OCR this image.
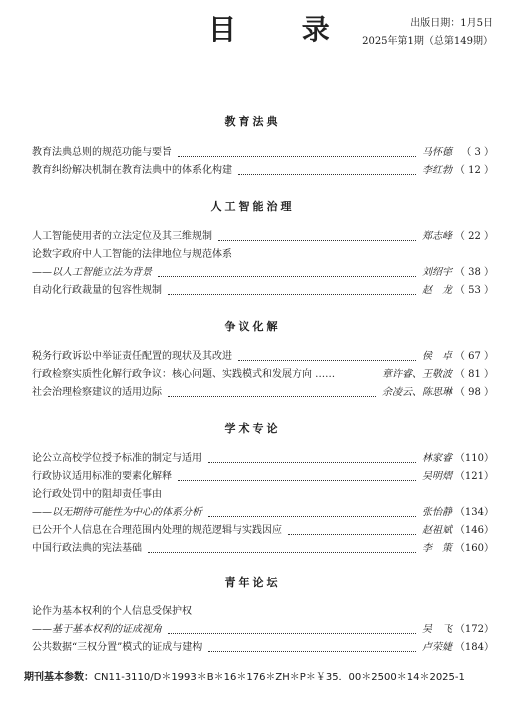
目 录	出版日期：1月5日
2025年第1期（总第149期）
教育法典
教育法典总则的规范功能与要旨	马怀德 （ 3 ）
教育纠纷解决机制在教育法典中的体系化构建	李红勃 （ 12 ）
人工智能治理
人工智能使用者的立法定位及其三维规制	郑志峰 （ 22 ）
论数字政府中人工智能的法律地位与规范体系
——以人工智能立法为背景	刘绍宇 （ 38 ）
自动化行政裁量的包容性规制	赵　龙 （ 53 ）
争议化解
税务行政诉讼中举证责任配置的现状及其改进	侯　卓 （ 67 ）
行政检察实质性化解行政争议：核心问题、实践模式和发展方向 ……	章许睿、王敬波 （ 81 ）
社会治理检察建议的适用边际	余凌云、陈思琳 （ 98 ）
学术专论
论公立高校学位授予标准的制定与适用	林家睿 （110）
行政协议适用标准的要素化解释	吴明熠 （121）
论行政处罚中的阻却责任事由
——以无期待可能性为中心的体系分析	张怡静 （134）
已公开个人信息在合理范围内处理的规范逻辑与实践因应	赵祖斌 （146）
中国行政法典的宪法基础	李　策 （160）
青年论坛
论作为基本权利的个人信息受保护权
——基于基本权利的证成视角	吴　飞 （172）
公共数据“三权分置”模式的证成与建构	卢荣婕 （184）
期刊基本参数：CN11-3110/D＊1993＊B＊16＊176＊ZH＊P＊￥35．00＊2500＊14＊2025-1
